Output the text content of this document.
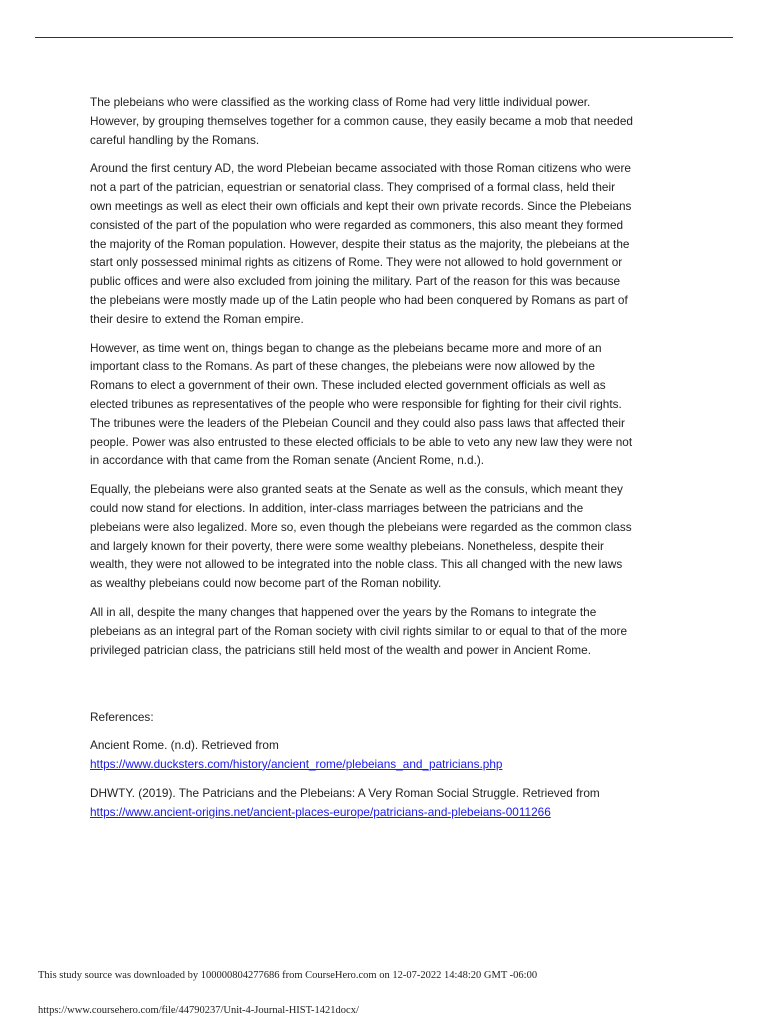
The plebeians who were classified as the working class of Rome had very little individual power.
However, by grouping themselves together for a common cause, they easily became a mob that needed
careful handling by the Romans.
Around the first century AD, the word Plebeian became associated with those Roman citizens who were
not a part of the patrician, equestrian or senatorial class. They comprised of a formal class, held their
own meetings as well as elect their own officials and kept their own private records. Since the Plebeians
consisted of the part of the population who were regarded as commoners, this also meant they formed
the majority of the Roman population. However, despite their status as the majority, the plebeians at the
start only possessed minimal rights as citizens of Rome. They were not allowed to hold government or
public offices and were also excluded from joining the military. Part of the reason for this was because
the plebeians were mostly made up of the Latin people who had been conquered by Romans as part of
their desire to extend the Roman empire.
However, as time went on, things began to change as the plebeians became more and more of an
important class to the Romans. As part of these changes, the plebeians were now allowed by the
Romans to elect a government of their own. These included elected government officials as well as
elected tribunes as representatives of the people who were responsible for fighting for their civil rights.
The tribunes were the leaders of the Plebeian Council and they could also pass laws that affected their
people. Power was also entrusted to these elected officials to be able to veto any new law they were not
in accordance with that came from the Roman senate (Ancient Rome, n.d.).
Equally, the plebeians were also granted seats at the Senate as well as the consuls, which meant they
could now stand for elections. In addition, inter-class marriages between the patricians and the
plebeians were also legalized. More so, even though the plebeians were regarded as the common class
and largely known for their poverty, there were some wealthy plebeians. Nonetheless, despite their
wealth, they were not allowed to be integrated into the noble class. This all changed with the new laws
as wealthy plebeians could now become part of the Roman nobility.
All in all, despite the many changes that happened over the years by the Romans to integrate the
plebeians as an integral part of the Roman society with civil rights similar to or equal to that of the more
privileged patrician class, the patricians still held most of the wealth and power in Ancient Rome.
References:
Ancient Rome. (n.d). Retrieved from
https://www.ducksters.com/history/ancient_rome/plebeians_and_patricians.php
DHWTY. (2019). The Patricians and the Plebeians: A Very Roman Social Struggle. Retrieved from
https://www.ancient-origins.net/ancient-places-europe/patricians-and-plebeians-0011266
This study source was downloaded by 100000804277686 from CourseHero.com on 12-07-2022 14:48:20 GMT -06:00
https://www.coursehero.com/file/44790237/Unit-4-Journal-HIST-1421docx/
